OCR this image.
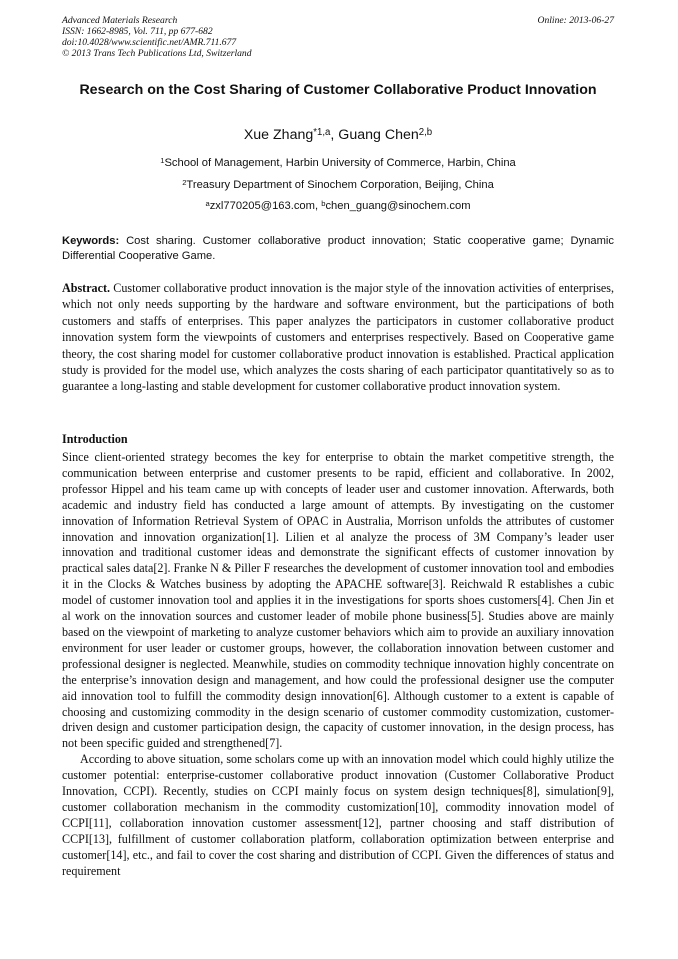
Advanced Materials Research
ISSN: 1662-8985, Vol. 711, pp 677-682
doi:10.4028/www.scientific.net/AMR.711.677
© 2013 Trans Tech Publications Ltd, Switzerland
Online: 2013-06-27
Research on the Cost Sharing of Customer Collaborative Product Innovation
Xue Zhang$^{*1,a}$, Guang Chen$^{2,b}$
$^1$School of Management, Harbin University of Commerce, Harbin, China
$^2$Treasury Department of Sinochem Corporation, Beijing, China
$^a$zxl770205@163.com, $^b$chen_guang@sinochem.com
Keywords: Cost sharing. Customer collaborative product innovation; Static cooperative game; Dynamic Differential Cooperative Game.
Abstract. Customer collaborative product innovation is the major style of the innovation activities of enterprises, which not only needs supporting by the hardware and software environment, but the participations of both customers and staffs of enterprises. This paper analyzes the participators in customer collaborative product innovation system form the viewpoints of customers and enterprises respectively. Based on Cooperative game theory, the cost sharing model for customer collaborative product innovation is established. Practical application study is provided for the model use, which analyzes the costs sharing of each participator quantitatively so as to guarantee a long-lasting and stable development for customer collaborative product innovation system.
Introduction

Since client-oriented strategy becomes the key for enterprise to obtain the market competitive strength, the communication between enterprise and customer presents to be rapid, efficient and collaborative. In 2002, professor Hippel and his team came up with concepts of leader user and customer innovation. Afterwards, both academic and industry field has conducted a large amount of attempts. By investigating on the customer innovation of Information Retrieval System of OPAC in Australia, Morrison unfolds the attributes of customer innovation and innovation organization[1]. Lilien et al analyze the process of 3M Company’s leader user innovation and traditional customer ideas and demonstrate the significant effects of customer innovation by practical sales data[2]. Franke N & Piller F researches the development of customer innovation tool and embodies it in the Clocks & Watches business by adopting the APACHE software[3]. Reichwald R establishes a cubic model of customer innovation tool and applies it in the investigations for sports shoes customers[4]. Chen Jin et al work on the innovation sources and customer leader of mobile phone business[5]. Studies above are mainly based on the viewpoint of marketing to analyze customer behaviors which aim to provide an auxiliary innovation environment for user leader or customer groups, however, the collaboration innovation between customer and professional designer is neglected. Meanwhile, studies on commodity technique innovation highly concentrate on the enterprise’s innovation design and management, and how could the professional designer use the computer aid innovation tool to fulfill the commodity design innovation[6]. Although customer to a extent is capable of choosing and customizing commodity in the design scenario of customer commodity customization, customer-driven design and customer participation design, the capacity of customer innovation, in the design process, has not been specific guided and strengthened[7].

According to above situation, some scholars come up with an innovation model which could highly utilize the customer potential: enterprise-customer collaborative product innovation (Customer Collaborative Product Innovation, CCPI). Recently, studies on CCPI mainly focus on system design techniques[8], simulation[9], customer collaboration mechanism in the commodity customization[10], commodity innovation model of CCPI[11], collaboration innovation customer assessment[12], partner choosing and staff distribution of CCPI[13], fulfillment of customer collaboration platform, collaboration optimization between enterprise and customer[14], etc., and fail to cover the cost sharing and distribution of CCPI. Given the differences of status and requirement
